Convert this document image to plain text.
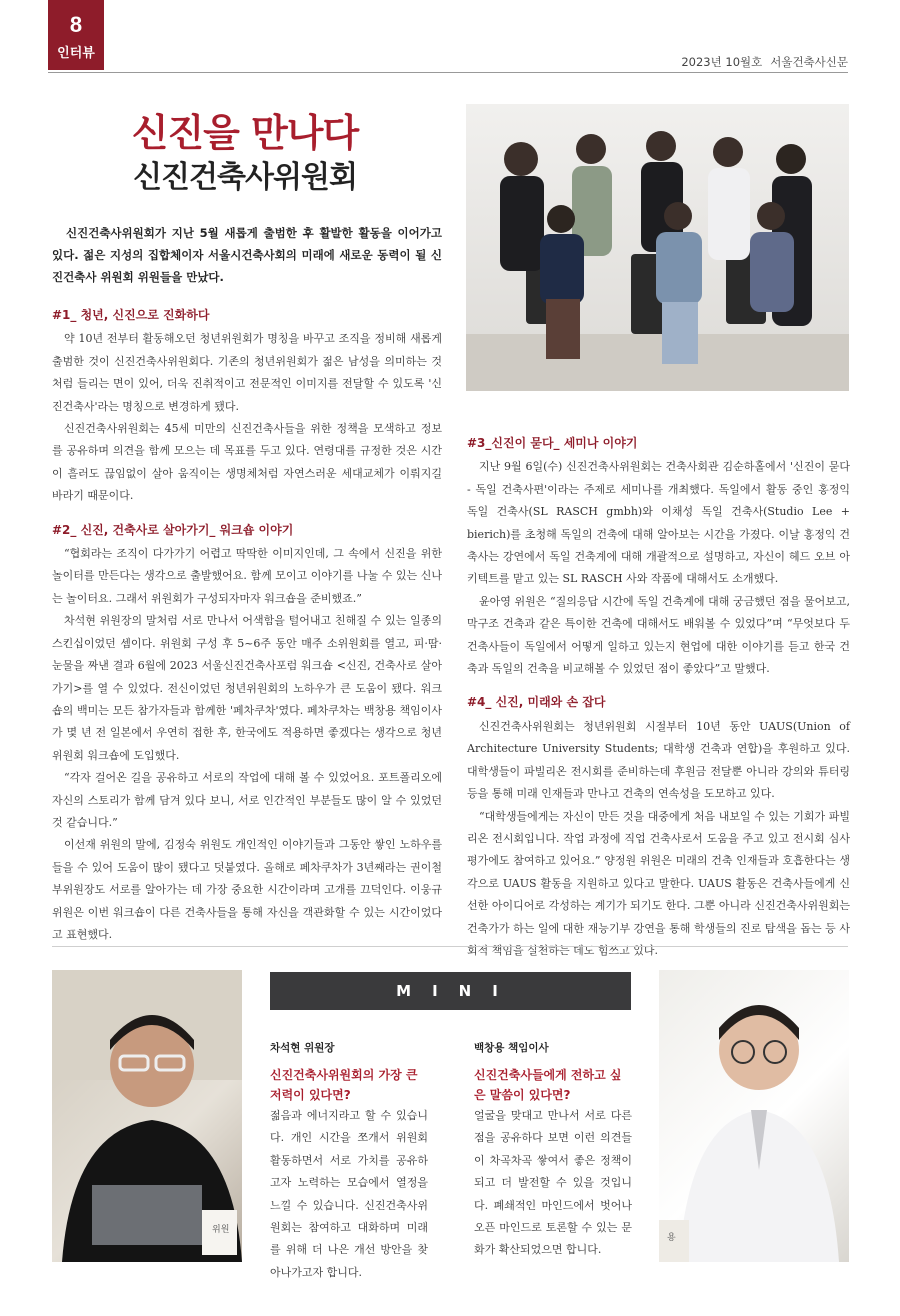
8
인터뷰
2023년 10월호 서울건축사신문
신진을 만나다
신진건축사위원회
신진건축사위원회가 지난 5월 새롭게 출범한 후 활발한 활동을 이어가고 있다. 젊은 지성의 집합체이자 서울시건축사회의 미래에 새로운 동력이 될 신진건축사 위원회 위원들을 만났다.
#1_ 청년, 신진으로 진화하다

약 10년 전부터 활동해오던 청년위원회가 명칭을 바꾸고 조직을 정비해 새롭게 출범한 것이 신진건축사위원회다. 기존의 청년위원회가 젊은 남성을 의미하는 것처럼 들리는 면이 있어, 더욱 진취적이고 전문적인 이미지를 전달할 수 있도록 '신진건축사'라는 명칭으로 변경하게 됐다.

신진건축사위원회는 45세 미만의 신진건축사들을 위한 정책을 모색하고 정보를 공유하며 의견을 함께 모으는 데 목표를 두고 있다. 연령대를 규정한 것은 시간이 흘러도 끊임없이 살아 움직이는 생명체처럼 자연스러운 세대교체가 이뤄지길 바라기 때문이다.

#2_ 신진, 건축사로 살아가기_ 워크숍 이야기

“협회라는 조직이 다가가기 어렵고 딱딱한 이미지인데, 그 속에서 신진을 위한 놀이터를 만든다는 생각으로 출발했어요. 함께 모이고 이야기를 나눌 수 있는 신나는 놀이터요. 그래서 위원회가 구성되자마자 워크숍을 준비했죠.”

차석현 위원장의 말처럼 서로 만나서 어색함을 털어내고 친해질 수 있는 일종의 스킨십이었던 셈이다. 위원회 구성 후 5~6주 동안 매주 소위원회를 열고, 피·땀·눈물을 짜낸 결과 6월에 2023 서울신진건축사포럼 워크숍 <신진, 건축사로 살아가기>를 열 수 있었다. 전신이었던 청년위원회의 노하우가 큰 도움이 됐다. 워크숍의 백미는 모든 참가자들과 함께한 '페차쿠차'였다. 페차쿠차는 백창용 책임이사가 몇 년 전 일본에서 우연히 접한 후, 한국에도 적용하면 좋겠다는 생각으로 청년위원회 워크숍에 도입했다.

“각자 걸어온 길을 공유하고 서로의 작업에 대해 볼 수 있었어요. 포트폴리오에 자신의 스토리가 함께 담겨 있다 보니, 서로 인간적인 부분들도 많이 알 수 있었던 것 같습니다.”

이선재 위원의 말에, 김정숙 위원도 개인적인 이야기들과 그동안 쌓인 노하우를 들을 수 있어 도움이 많이 됐다고 덧붙였다. 올해로 페차쿠차가 3년째라는 권이철 부위원장도 서로를 알아가는 데 가장 중요한 시간이라며 고개를 끄덕인다. 이웅규 위원은 이번 워크숍이 다른 건축사들을 통해 자신을 객관화할 수 있는 시간이었다고 표현했다.

#3_신진이 묻다_ 세미나 이야기

지난 9월 6일(수) 신진건축사위원회는 건축사회관 김순하홀에서 '신진이 묻다 - 독일 건축사편'이라는 주제로 세미나를 개최했다. 독일에서 활동 중인 홍정익 독일 건축사(SL RASCH gmbh)와 이채성 독일 건축사(Studio Lee + bierich)를 초청해 독일의 건축에 대해 알아보는 시간을 가졌다. 이날 홍정익 건축사는 강연에서 독일 건축계에 대해 개괄적으로 설명하고, 자신이 헤드 오브 아키텍트를 맡고 있는 SL RASCH 사와 작품에 대해서도 소개했다.

윤아영 위원은 “질의응답 시간에 독일 건축계에 대해 궁금했던 점을 물어보고, 막구조 건축과 같은 특이한 건축에 대해서도 배워볼 수 있었다”며 “무엇보다 두 건축사들이 독일에서 어떻게 일하고 있는지 현업에 대한 이야기를 듣고 한국 건축과 독일의 건축을 비교해볼 수 있었던 점이 좋았다”고 말했다.

#4_ 신진, 미래와 손 잡다

신진건축사위원회는 청년위원회 시절부터 10년 동안 UAUS(Union of Architecture University Students; 대학생 건축과 연합)을 후원하고 있다. 대학생들이 파빌리온 전시회를 준비하는데 후원금 전달뿐 아니라 강의와 튜터링 등을 통해 미래 인재들과 만나고 건축의 연속성을 도모하고 있다.

“대학생들에게는 자신이 만든 것을 대중에게 처음 내보일 수 있는 기회가 파빌리온 전시회입니다. 작업 과정에 직업 건축사로서 도움을 주고 있고 전시회 심사 평가에도 참여하고 있어요.” 양정원 위원은 미래의 건축 인재들과 호흡한다는 생각으로 UAUS 활동을 지원하고 있다고 말한다. UAUS 활동은 건축사들에게 신선한 아이디어로 각성하는 계기가 되기도 한다. 그뿐 아니라 신진건축사위원회는 건축가가 하는 일에 대한 재능기부 강연을 통해 학생들의 진로 탐색을 돕는 등 사회적 책임을 실천하는 데도 힘쓰고 있다.

위원
용
MINI INTERVIEW
차석현 위원장
신진건축사위원회의 가장 큰 저력이 있다면?
젊음과 에너지라고 할 수 있습니다. 개인 시간을 쪼개서 위원회 활동하면서 서로 가치를 공유하고자 노력하는 모습에서 열정을 느낄 수 있습니다. 신진건축사위원회는 참여하고 대화하며 미래를 위해 더 나은 개선 방안을 찾아나가고자 합니다.
백창용 책임이사
신진건축사들에게 전하고 싶은 말씀이 있다면?
얼굴을 맞대고 만나서 서로 다른 점을 공유하다 보면 이런 의견들이 차곡차곡 쌓여서 좋은 정책이 되고 더 발전할 수 있을 것입니다. 폐쇄적인 마인드에서 벗어나 오픈 마인드로 토론할 수 있는 문화가 확산되었으면 합니다.
